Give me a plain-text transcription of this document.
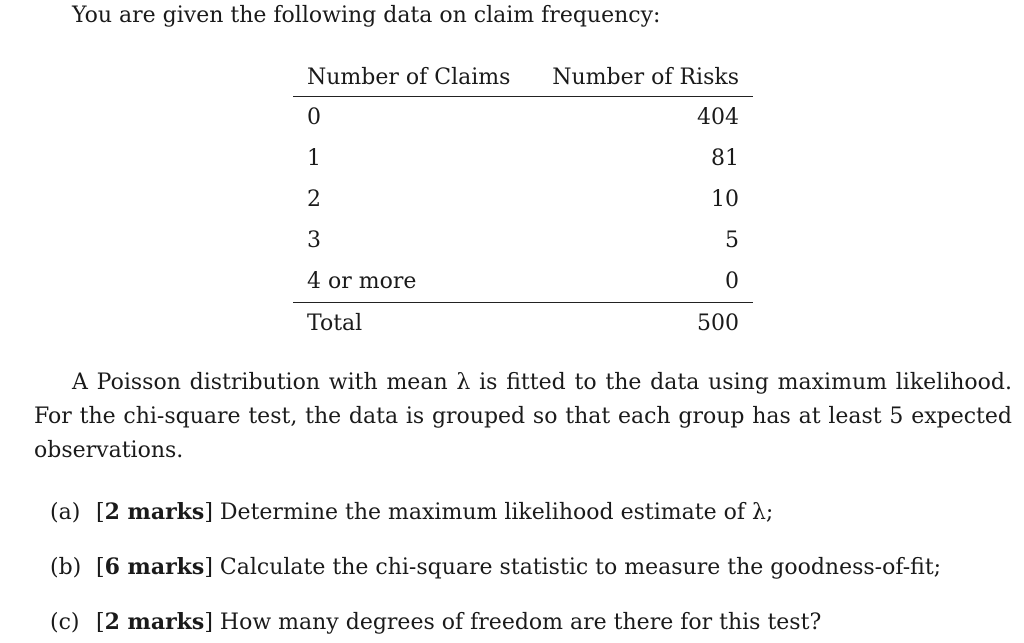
You are given the following data on claim frequency:
Number of Claims	Number of Risks
0	404
1	81
2	10
3	5
4 or more	0
Total	500
A Poisson distribution with mean λ is fitted to the data using maximum likelihood. For the chi-square test, the data is grouped so that each group has at least 5 expected observations.
(a) [2 marks] Determine the maximum likelihood estimate of λ;
(b) [6 marks] Calculate the chi-square statistic to measure the goodness-of-fit;
(c) [2 marks] How many degrees of freedom are there for this test?
